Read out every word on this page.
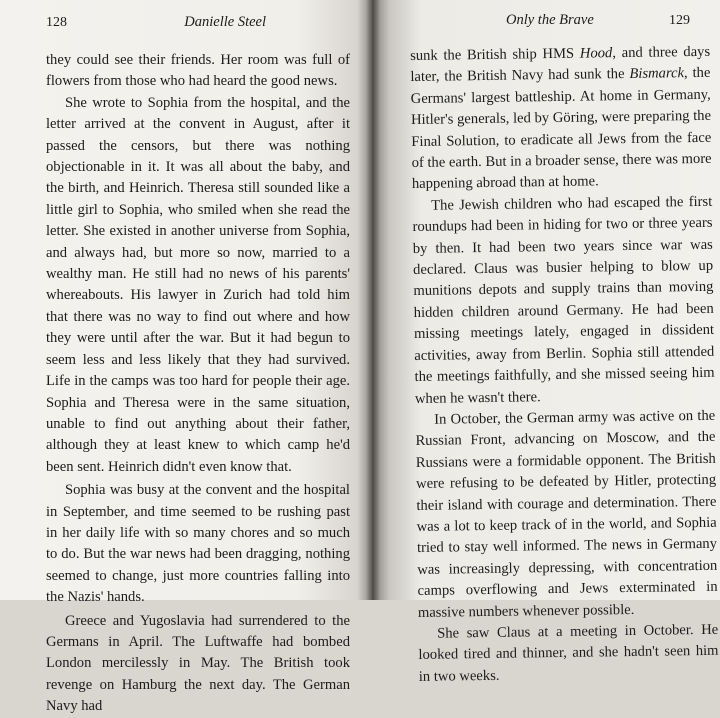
128	Danielle Steel

they could see their friends. Her room was full of flowers from those who had heard the good news.

She wrote to Sophia from the hospital, and the letter arrived at the convent in August, after it passed the censors, but there was nothing objectionable in it. It was all about the baby, and the birth, and Heinrich. Theresa still sounded like a little girl to Sophia, who smiled when she read the letter. She existed in another universe from Sophia, and always had, but more so now, married to a wealthy man. He still had no news of his parents' whereabouts. His lawyer in Zurich had told him that there was no way to find out where and how they were until after the war. But it had begun to seem less and less likely that they had survived. Life in the camps was too hard for people their age. Sophia and Theresa were in the same situation, unable to find out anything about their father, although they at least knew to which camp he'd been sent. Heinrich didn't even know that.

Sophia was busy at the convent and the hospital in September, and time seemed to be rushing past in her daily life with so many chores and so much to do. But the war news had been dragging, nothing seemed to change, just more countries falling into the Nazis' hands.

Greece and Yugoslavia had surrendered to the Germans in April. The Luftwaffe had bombed London mercilessly in May. The British took revenge on Hamburg the next day. The German Navy had

Only the Brave	129

sunk the British ship HMS Hood, and three days later, the British Navy had sunk the Bismarck, the Germans' largest battleship. At home in Germany, Hitler's generals, led by Göring, were preparing the Final Solution, to eradicate all Jews from the face of the earth. But in a broader sense, there was more happening abroad than at home.

The Jewish children who had escaped the first roundups had been in hiding for two or three years by then. It had been two years since war was declared. Claus was busier helping to blow up munitions depots and supply trains than moving hidden children around Germany. He had been missing meetings lately, engaged in dissident activities, away from Berlin. Sophia still attended the meetings faithfully, and she missed seeing him when he wasn't there.

In October, the German army was active on the Russian Front, advancing on Moscow, and the Russians were a formidable opponent. The British were refusing to be defeated by Hitler, protecting their island with courage and determination. There was a lot to keep track of in the world, and Sophia tried to stay well informed. The news in Germany was increasingly depressing, with concentration camps overflowing and Jews exterminated in massive numbers whenever possible.

She saw Claus at a meeting in October. He looked tired and thinner, and she hadn't seen him in two weeks.
